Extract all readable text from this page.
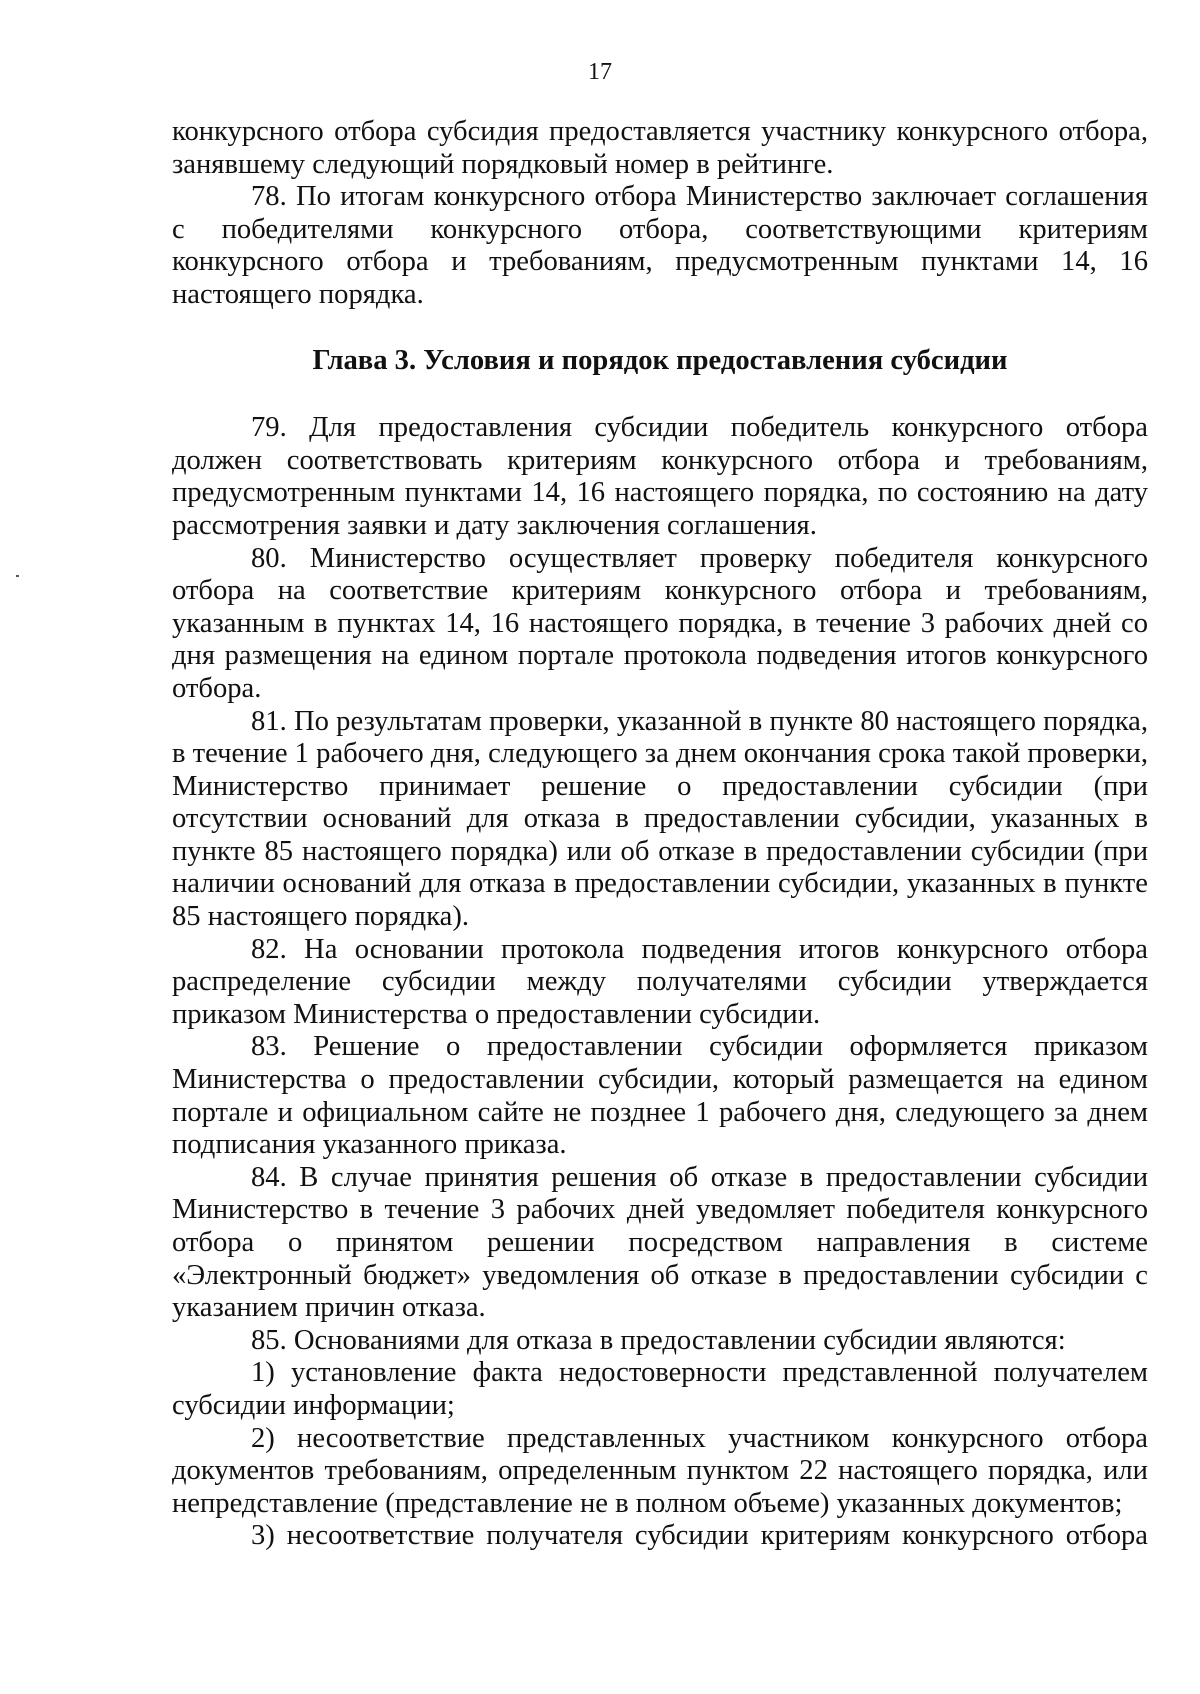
17

конкурсного отбора субсидия предоставляется участнику конкурсного отбора, занявшему следующий порядковый номер в рейтинге.

78. По итогам конкурсного отбора Министерство заключает соглашения с победителями конкурсного отбора, соответствующими критериям конкурсного отбора и требованиям, предусмотренным пунктами 14, 16 настоящего порядка.

Глава 3. Условия и порядок предоставления субсидии

79. Для предоставления субсидии победитель конкурсного отбора должен соответствовать критериям конкурсного отбора и требованиям, предусмотренным пунктами 14, 16 настоящего порядка, по состоянию на дату рассмотрения заявки и дату заключения соглашения.

80. Министерство осуществляет проверку победителя конкурсного отбора на соответствие критериям конкурсного отбора и требованиям, указанным в пунктах 14, 16 настоящего порядка, в течение 3 рабочих дней со дня размещения на едином портале протокола подведения итогов конкурсного отбора.

81. По результатам проверки, указанной в пункте 80 настоящего порядка, в течение 1 рабочего дня, следующего за днем окончания срока такой проверки, Министерство принимает решение о предоставлении субсидии (при отсутствии оснований для отказа в предоставлении субсидии, указанных в пункте 85 настоящего порядка) или об отказе в предоставлении субсидии (при наличии оснований для отказа в предоставлении субсидии, указанных в пункте 85 настоящего порядка).

82. На основании протокола подведения итогов конкурсного отбора распределение субсидии между получателями субсидии утверждается приказом Министерства о предоставлении субсидии.

83. Решение о предоставлении субсидии оформляется приказом Министерства о предоставлении субсидии, который размещается на едином портале и официальном сайте не позднее 1 рабочего дня, следующего за днем подписания указанного приказа.

84. В случае принятия решения об отказе в предоставлении субсидии Министерство в течение 3 рабочих дней уведомляет победителя конкурсного отбора о принятом решении посредством направления в системе «Электронный бюджет» уведомления об отказе в предоставлении субсидии с указанием причин отказа.

85. Основаниями для отказа в предоставлении субсидии являются:

1) установление факта недостоверности представленной получателем субсидии информации;

2) несоответствие представленных участником конкурсного отбора документов требованиям, определенным пунктом 22 настоящего порядка, или непредставление (представление не в полном объеме) указанных документов;

3) несоответствие получателя субсидии критериям конкурсного отбора
